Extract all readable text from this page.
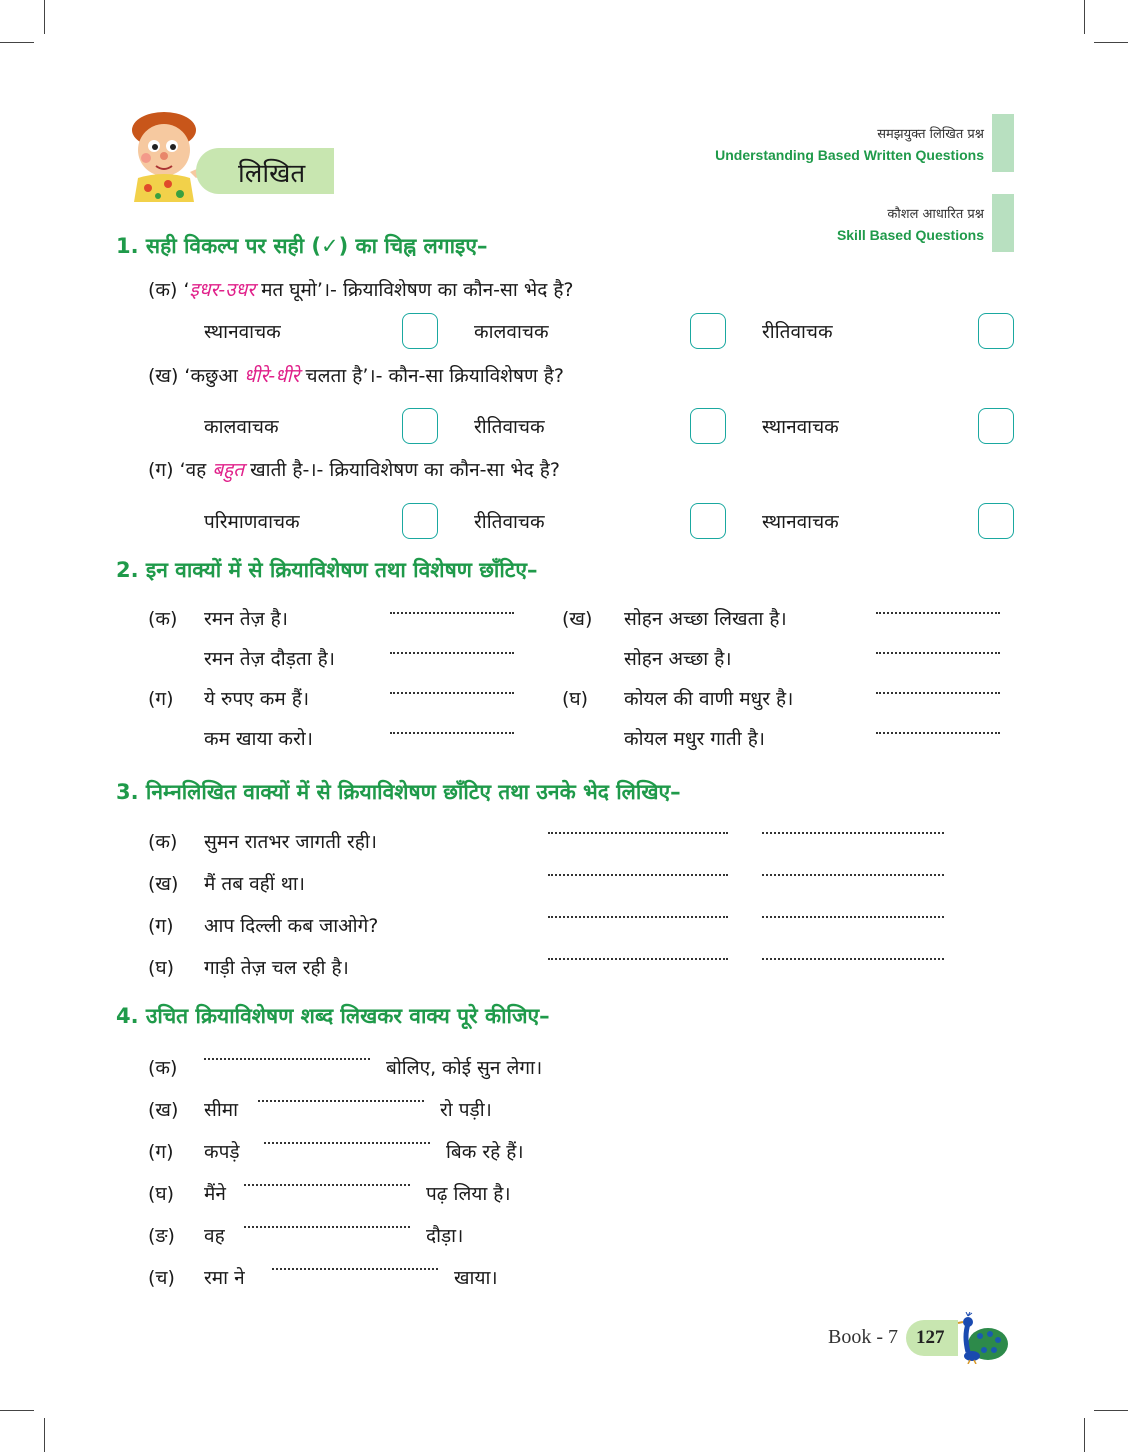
लिखित
समझयुक्त लिखित प्रश्न
Understanding Based Written Questions
कौशल आधारित प्रश्न
Skill Based Questions
1. सही विकल्प पर सही (✓) का चिह्न लगाइए–
(क) ‘इधर-उधर मत घूमो’।- क्रियाविशेषण का कौन-सा भेद है?
स्थानवाचक	कालवाचक	रीतिवाचक
(ख) ‘कछुआ धीरे-धीरे चलता है’।- कौन-सा क्रियाविशेषण है?
कालवाचक	रीतिवाचक	स्थानवाचक
(ग) ‘वह बहुत खाती है-।- क्रियाविशेषण का कौन-सा भेद है?
परिमाणवाचक	रीतिवाचक	स्थानवाचक
2. इन वाक्यों में से क्रियाविशेषण तथा विशेषण छाँटिए–
(क) रमन तेज़ है।	(ख) सोहन अच्छा लिखता है।
रमन तेज़ दौड़ता है।	सोहन अच्छा है।
(ग) ये रुपए कम हैं।	(घ) कोयल की वाणी मधुर है।
कम खाया करो।	कोयल मधुर गाती है।
3. निम्नलिखित वाक्यों में से क्रियाविशेषण छाँटिए तथा उनके भेद लिखिए–
(क) सुमन रातभर जागती रही।
(ख) मैं तब वहीं था।
(ग) आप दिल्ली कब जाओगे?
(घ) गाड़ी तेज़ चल रही है।
4. उचित क्रियाविशेषण शब्द लिखकर वाक्य पूरे कीजिए–
(क)	बोलिए, कोई सुन लेगा।
(ख) सीमा	रो पड़ी।
(ग) कपड़े	बिक रहे हैं।
(घ) मैंने	पढ़ लिया है।
(ङ) वह	दौड़ा।
(च) रमा ने	खाया।
Book - 7 127
